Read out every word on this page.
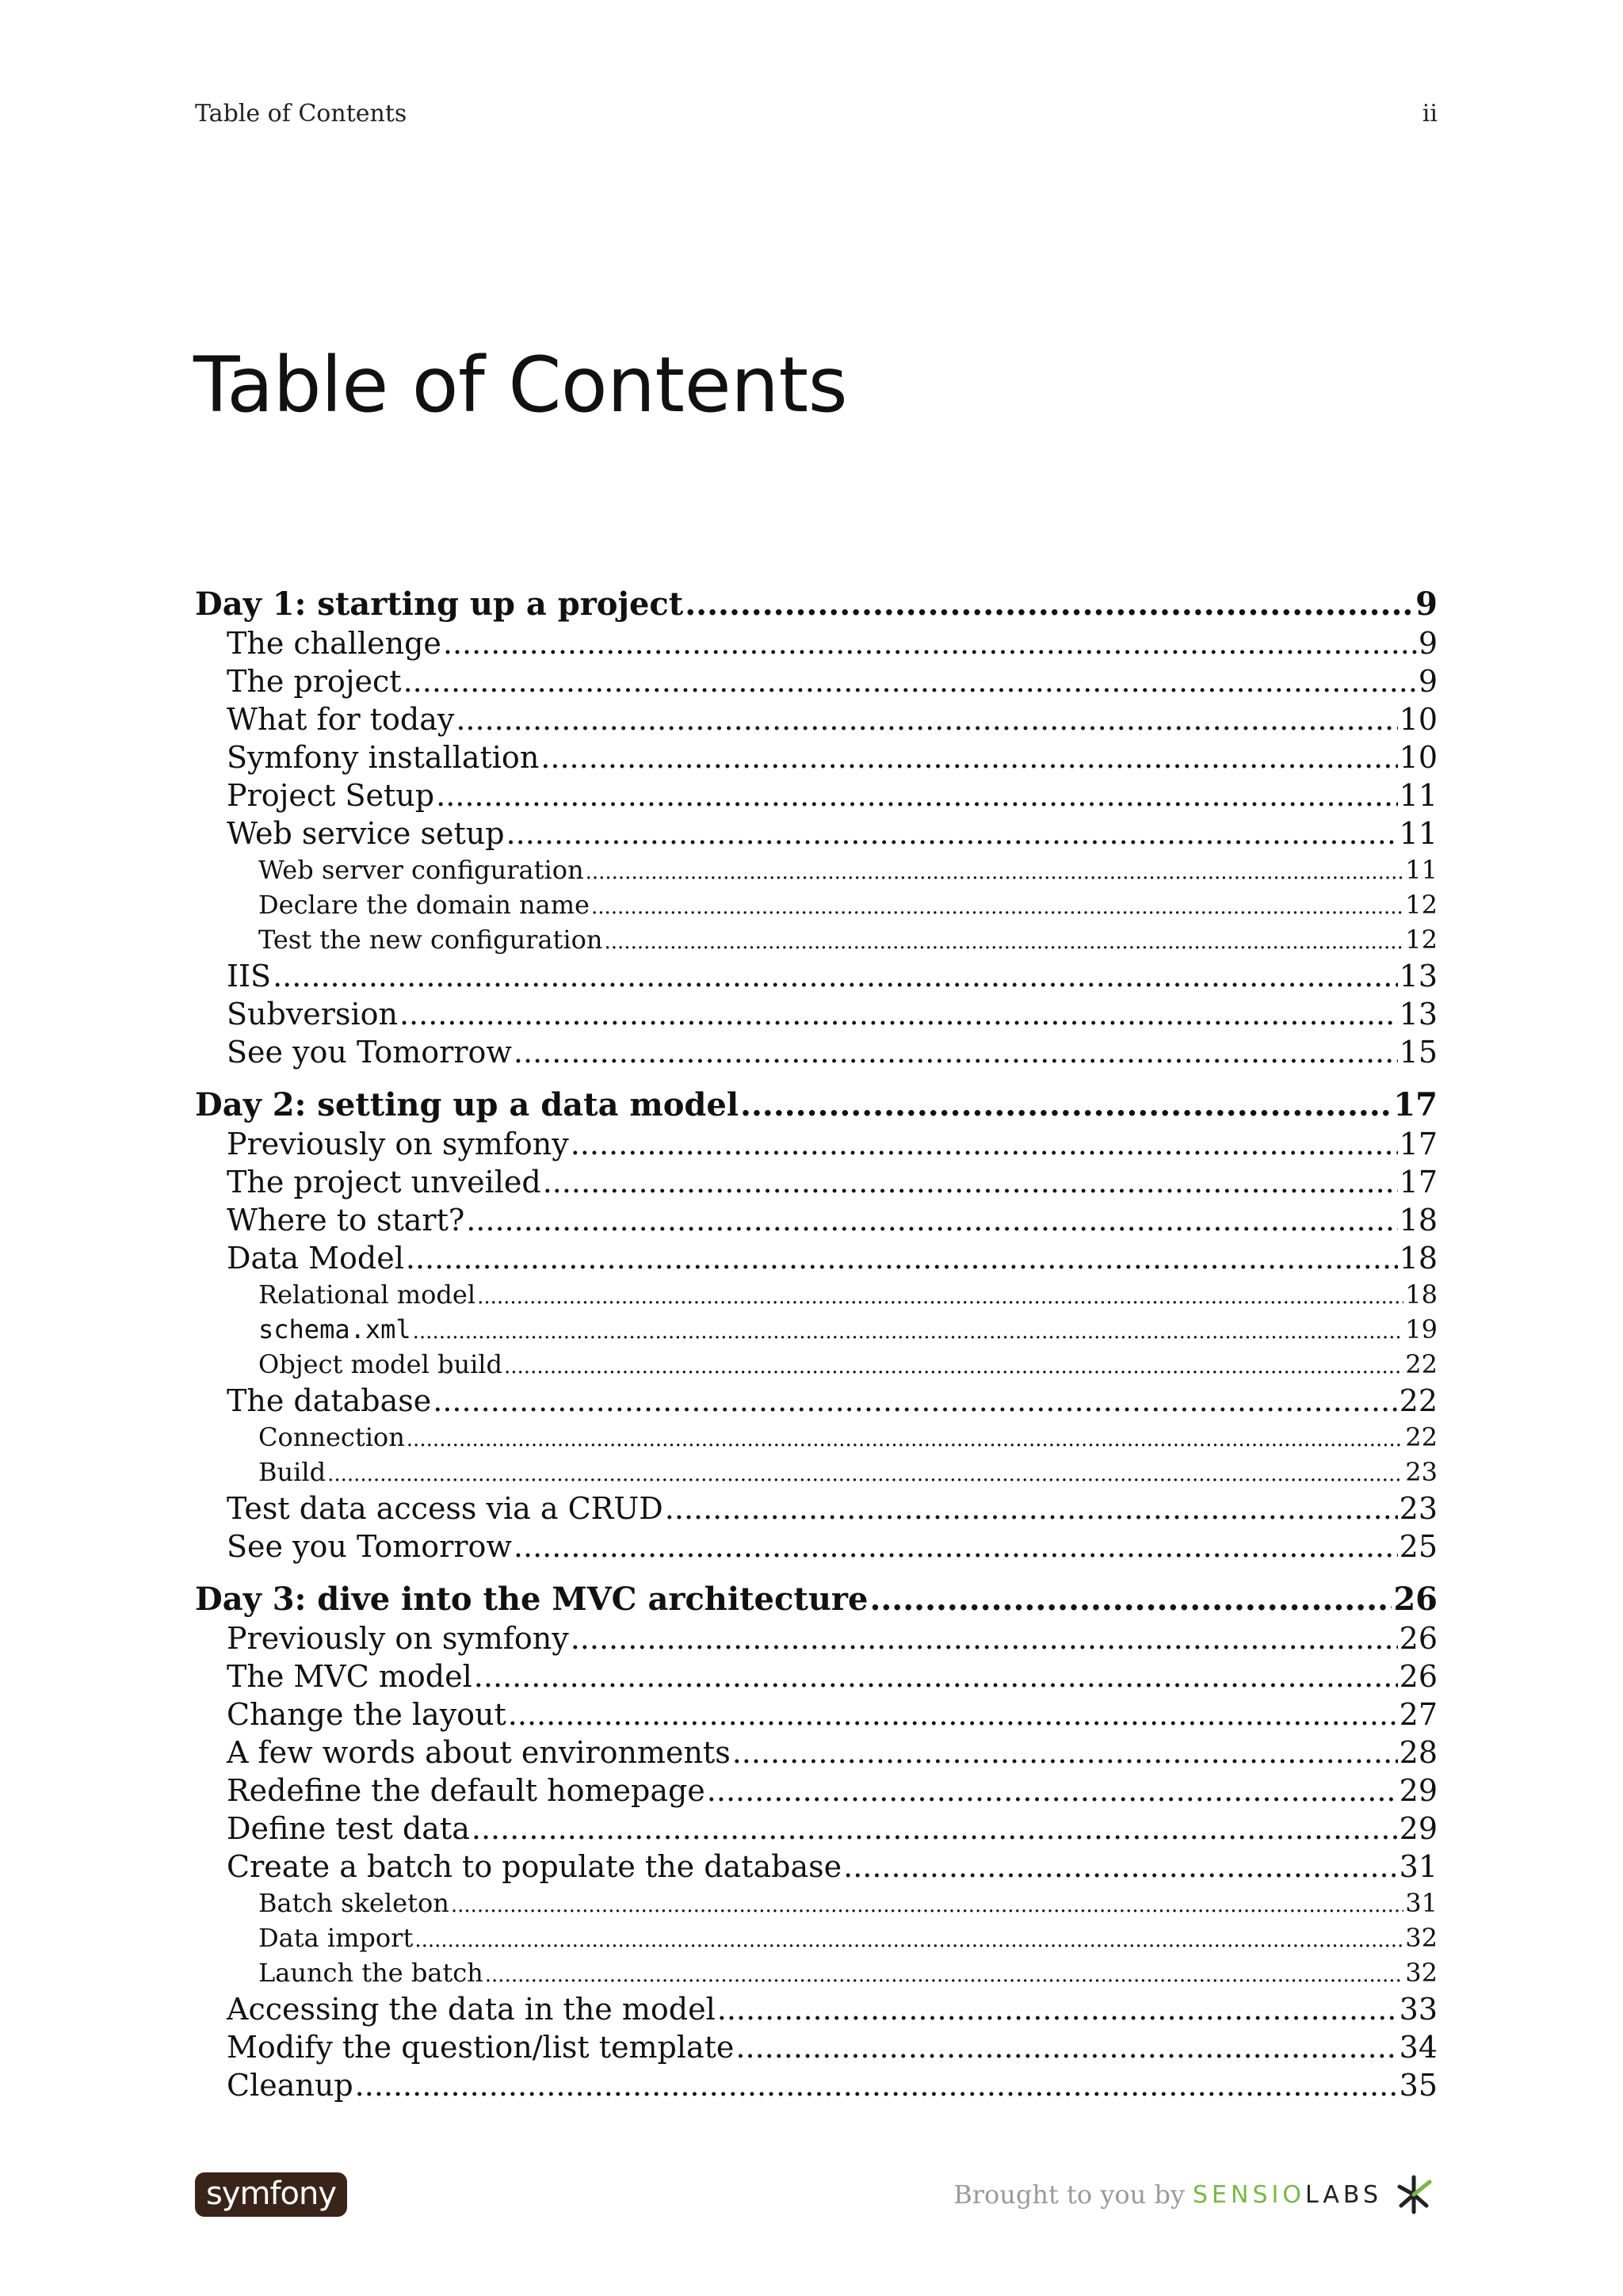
Table of Contents	ii
Table of Contents
Day 1: starting up a project .....	9
The challenge .....	9
The project .....	9
What for today .....	10
Symfony installation .....	10
Project Setup .....	11
Web service setup .....	11
Web server configuration .....	11
Declare the domain name .....	12
Test the new configuration .....	12
IIS .....	13
Subversion .....	13
See you Tomorrow .....	15
Day 2: setting up a data model .....	17
Previously on symfony .....	17
The project unveiled .....	17
Where to start? .....	18
Data Model .....	18
Relational model .....	18
schema.xml .....	19
Object model build .....	22
The database .....	22
Connection .....	22
Build .....	23
Test data access via a CRUD .....	23
See you Tomorrow .....	25
Day 3: dive into the MVC architecture .....	26
Previously on symfony .....	26
The MVC model .....	26
Change the layout .....	27
A few words about environments .....	28
Redefine the default homepage .....	29
Define test data .....	29
Create a batch to populate the database .....	31
Batch skeleton .....	31
Data import .....	32
Launch the batch .....	32
Accessing the data in the model .....	33
Modify the question/list template .....	34
Cleanup .....	35
symfony	Brought to you by SENSIOLABS
